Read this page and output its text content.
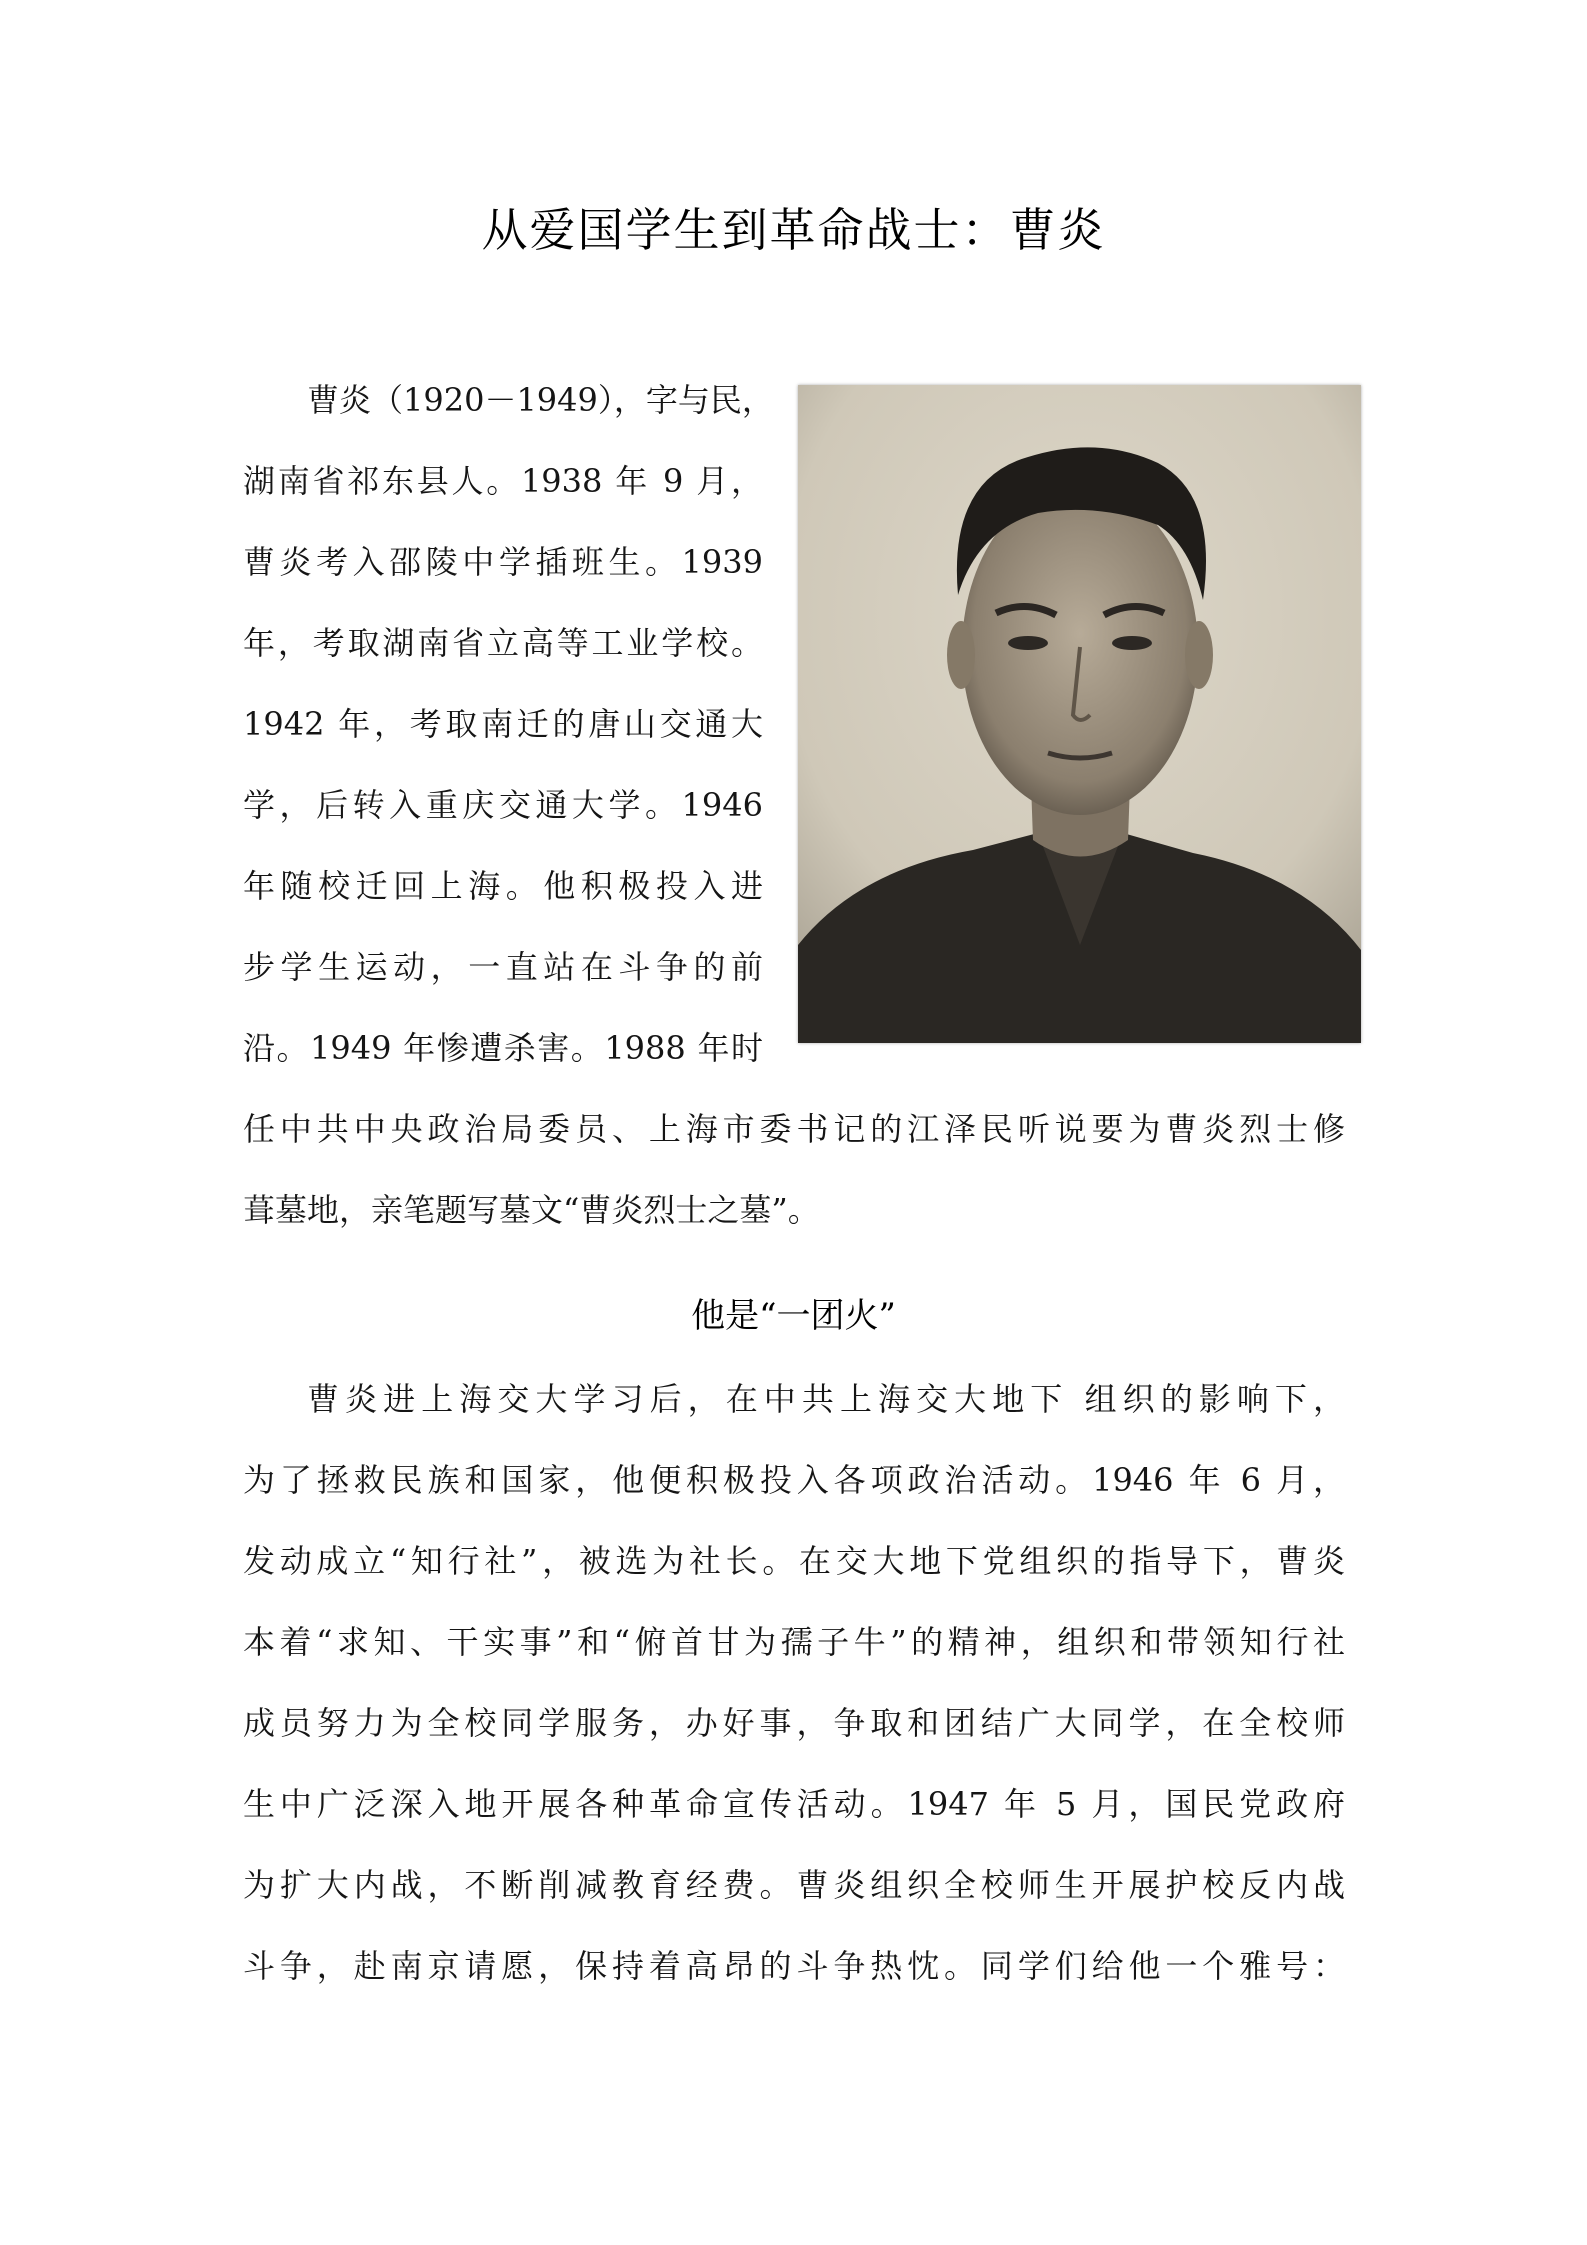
从爱国学生到革命战士：曹炎
曹炎（1920－1949），字与民，
湖南省祁东县人。1938 年 9 月，
曹炎考入邵陵中学插班生。1939
年，考取湖南省立高等工业学校。
1942 年，考取南迁的唐山交通大
学，后转入重庆交通大学。1946
年随校迁回上海。他积极投入进
步学生运动，一直站在斗争的前
沿。1949 年惨遭杀害。1988 年时
任中共中央政治局委员、上海市委书记的江泽民听说要为曹炎烈士修
葺墓地，亲笔题写墓文“曹炎烈士之墓”。
他是“一团火”
曹炎进上海交大学习后，在中共上海交大地下 组织的影响下，
为了拯救民族和国家，他便积极投入各项政治活动。1946 年 6 月，
发动成立“知行社”，被选为社长。在交大地下党组织的指导下，曹炎
本着“求知、干实事”和“俯首甘为孺子牛”的精神，组织和带领知行社
成员努力为全校同学服务，办好事，争取和团结广大同学，在全校师
生中广泛深入地开展各种革命宣传活动。1947 年 5 月，国民党政府
为扩大内战，不断削减教育经费。曹炎组织全校师生开展护校反内战
斗争，赴南京请愿，保持着高昂的斗争热忱。同学们给他一个雅号：
